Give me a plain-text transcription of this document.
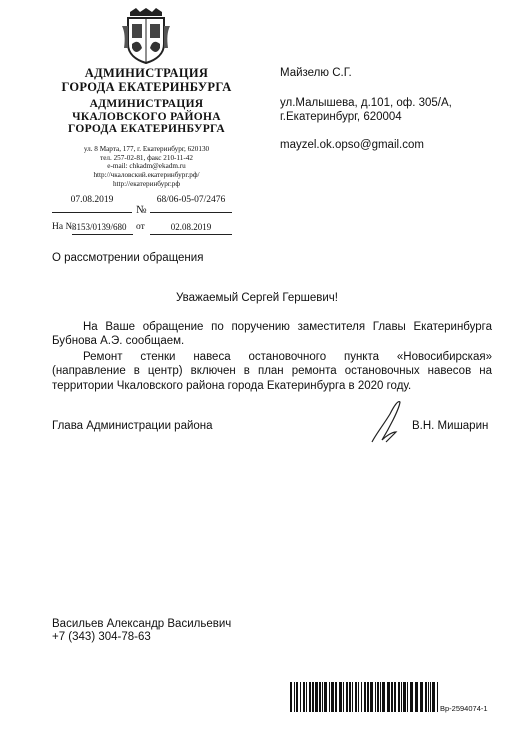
АДМИНИСТРАЦИЯ
ГОРОДА ЕКАТЕРИНБУРГА
АДМИНИСТРАЦИЯ
ЧКАЛОВСКОГО РАЙОНА
ГОРОДА ЕКАТЕРИНБУРГА
ул. 8 Марта, 177, г. Екатеринбург, 620130
тел. 257-02-81, факс 210-11-42
e-mail: chkadm@ekadm.ru
http://чкаловский.екатеринбург.рф/
http://екатеринбург.рф
07.08.2019
№
68/06-05-07/2476
На №
3153/0139/680 от	02.08.2019
Майзелю С.Г.
ул.Малышева, д.101, оф. 305/А,
г.Екатеринбург, 620004
mayzel.ok.opso@gmail.com
О рассмотрении обращения
Уважаемый Сергей Гершевич!
На Ваше обращение по поручению заместителя Главы Екатеринбурга Бубнова А.Э. сообщаем.
Ремонт стенки навеса остановочного пункта «Новосибирская» (направление в центр) включен в план ремонта остановочных навесов на территории Чкаловского района города Екатеринбурга в 2020 году.
Глава Администрации района	В.Н. Мишарин
Васильев Александр Васильевич
+7 (343) 304-78-63
Вр-2594074-1
